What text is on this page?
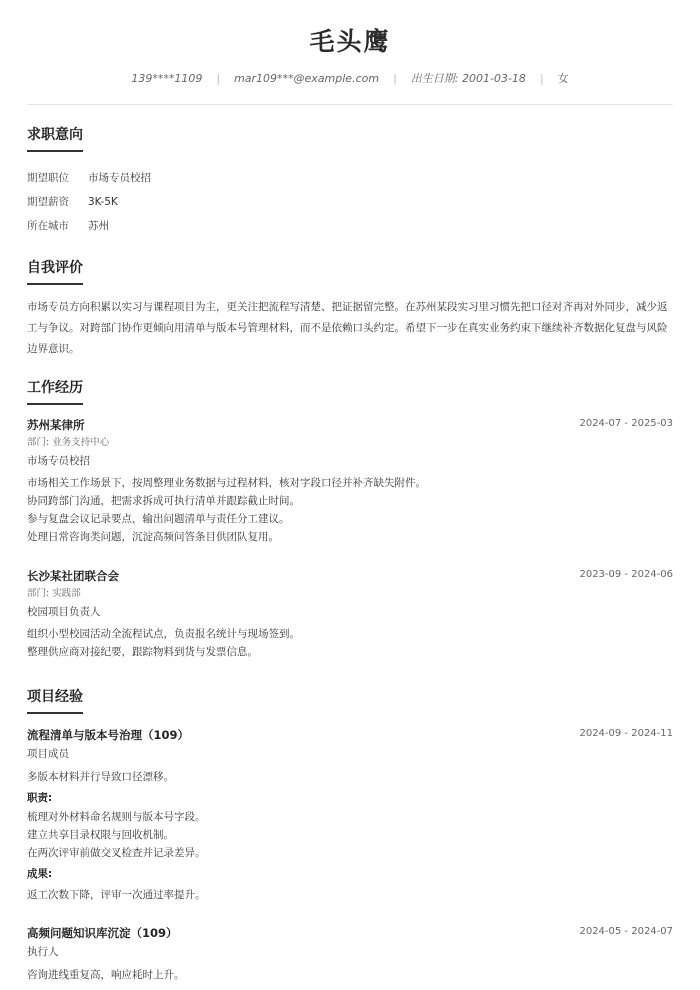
毛头鹰
139****1109 | mar109***@example.com | 出生日期: 2001-03-18 | 女
求职意向
期望职位 市场专员校招
期望薪资 3K-5K
所在城市 苏州
自我评价
市场专员方向积累以实习与课程项目为主，更关注把流程写清楚、把证据留完整。在苏州某段实习里习惯先把口径对齐再对外同步，减少返
工与争议。对跨部门协作更倾向用清单与版本号管理材料，而不是依赖口头约定。希望下一步在真实业务约束下继续补齐数据化复盘与风险
边界意识。
工作经历
苏州某律所	2024-07 - 2025-03
部门: 业务支持中心
市场专员校招
市场相关工作场景下，按周整理业务数据与过程材料，核对字段口径并补齐缺失附件。
协同跨部门沟通，把需求拆成可执行清单并跟踪截止时间。
参与复盘会议记录要点，输出问题清单与责任分工建议。
处理日常咨询类问题，沉淀高频问答条目供团队复用。
长沙某社团联合会	2023-09 - 2024-06
部门: 实践部
校园项目负责人
组织小型校园活动全流程试点，负责报名统计与现场签到。
整理供应商对接纪要，跟踪物料到货与发票信息。
项目经验
流程清单与版本号治理（109）	2024-09 - 2024-11
项目成员
多版本材料并行导致口径漂移。
职责:
梳理对外材料命名规则与版本号字段。
建立共享目录权限与回收机制。
在两次评审前做交叉检查并记录差异。
成果:
返工次数下降，评审一次通过率提升。
高频问题知识库沉淀（109）	2024-05 - 2024-07
执行人
咨询进线重复高，响应耗时上升。
